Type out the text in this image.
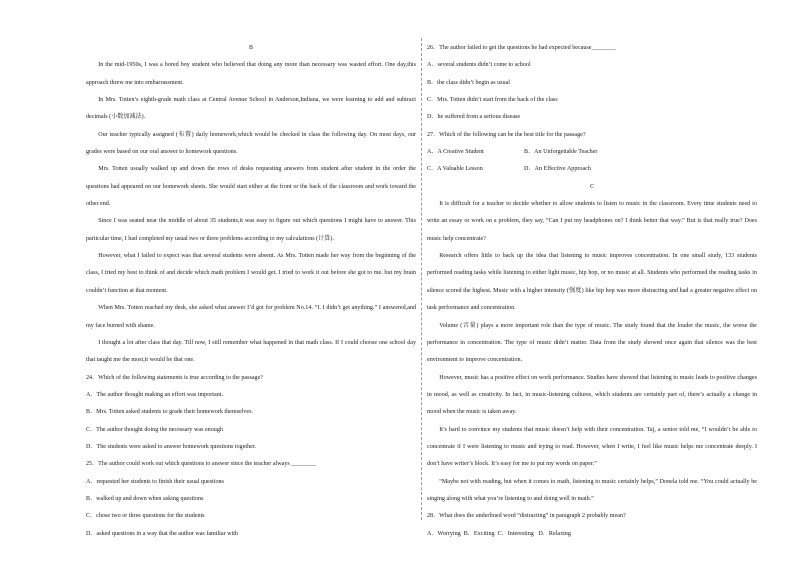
B

In the mid-1950s, I was a bored boy student who believed that doing any more than necessary was wasted effort. One day,this approach threw me into embarrassment.

In Mrs. Totten’s eighth-grade math class at Central Avenue School in Anderson,Indiana, we were learning to add and subtract decimals (小数加减法).

Our teacher typically assigned (布置) daily homework,which would be checked in class the following day. On most days, our grades were based on our oral answer to homework questions.

Mrs. Totten usually walked up and down the rows of desks requesting answers from student after student in the order the questions had appeared on our homework sheets. She would start either at the front or the back of the classroom and work toward the other end.

Since I was seated near the middle of about 35 students,it was easy to figure out which questions I might have to answer. This particular time, I had completed my usual two or three problems according to my calculations (计算).

However, what I failed to expect was that several students were absent. As Mrs. Totten made her way from the beginning of the class, I tried my best to think of and decide which math problem I would get. I tried to work it out before she got to me. but my brain couldn’t function at that moment.

When Mrs. Totten reached my desk, she asked what answer I’d got for problem No.14. “I. I didn’t get anything.” I answered,and my face burned with shame.

I thought a lot after class that day. Till now, I still remember what happened in that math class. If I could choose one school day that taught me the most,it would be that one.

24．Which of the following statements is true according to the passage?

A．The author thought making an effort was important.

B．Mrs. Totten asked students to grade their homework themselves.

C．The author thought doing the necessary was enough

D．The students were asked to answer homework questions together.

25．The author could work out which questions to answer since the teacher always ________

A．requested her students to finish their usual questions

B．walked up and down when asking questions

C．chose two or three questions for the students

D．asked questions in a way that the author was familiar with

26．The author failed to get the questions he had expected because________

A．several students didn’t come to school

B．the class didn’t begin as usual

C．Mrs. Totten didn’t start from the back of the class

D．he suffered from a serious disease

27．Which of the following can be the best title for the passage?

A．A Creative Student	B．An Unforgettable Teacher
C．A Valuable Lesson	D．An Effective Approach

C

It is difficult for a teacher to decide whether to allow students to listen to music in the classroom. Every time students need to write an essay or work on a problem, they say, “Can I put my headphones on? I think better that way.” But is that really true? Does music help concentrate?

Research offers little to back up the idea that listening to music improves concentration. In one small study, 133 students performed reading tasks while listening to either light music, hip hop, or no music at all. Students who performed the reading tasks in silence scored the highest. Music with a higher intensity (强度) like hip hop was more distracting and had a greater negative effect on task performance and concentration.

Volume (音量) plays a more important role than the type of music. The study found that the louder the music, the worse the performance in concentration. The type of music didn’t matter. Data from the study showed once again that silence was the best environment to improve concentration.

However, music has a positive effect on work performance. Studies have showed that listening to music leads to positive changes in mood, as well as creativity. In fact, in music-listening cultures, which students are certainly part of, there’s actually a change in mood when the music is taken away.

It’s hard to convince my students that music doesn’t help with their concentration. Taj, a senior told me, “I wouldn’t be able to concentrate if I were listening to music and trying to read. However, when I write, I feel like music helps me concentrate deeply. I don’t have writer’s block. It’s easy for me to put my words on paper.”

“Maybe not with reading, but when it comes to math, listening to music certainly helps,” Donela told me. “You could actually be singing along with what you’re listening to and doing well in math.”

28．What does the underlined word “distracting” in paragraph 2 probably mean?

A．Worrying B．Exciting C．Interesting D．Relaxing
